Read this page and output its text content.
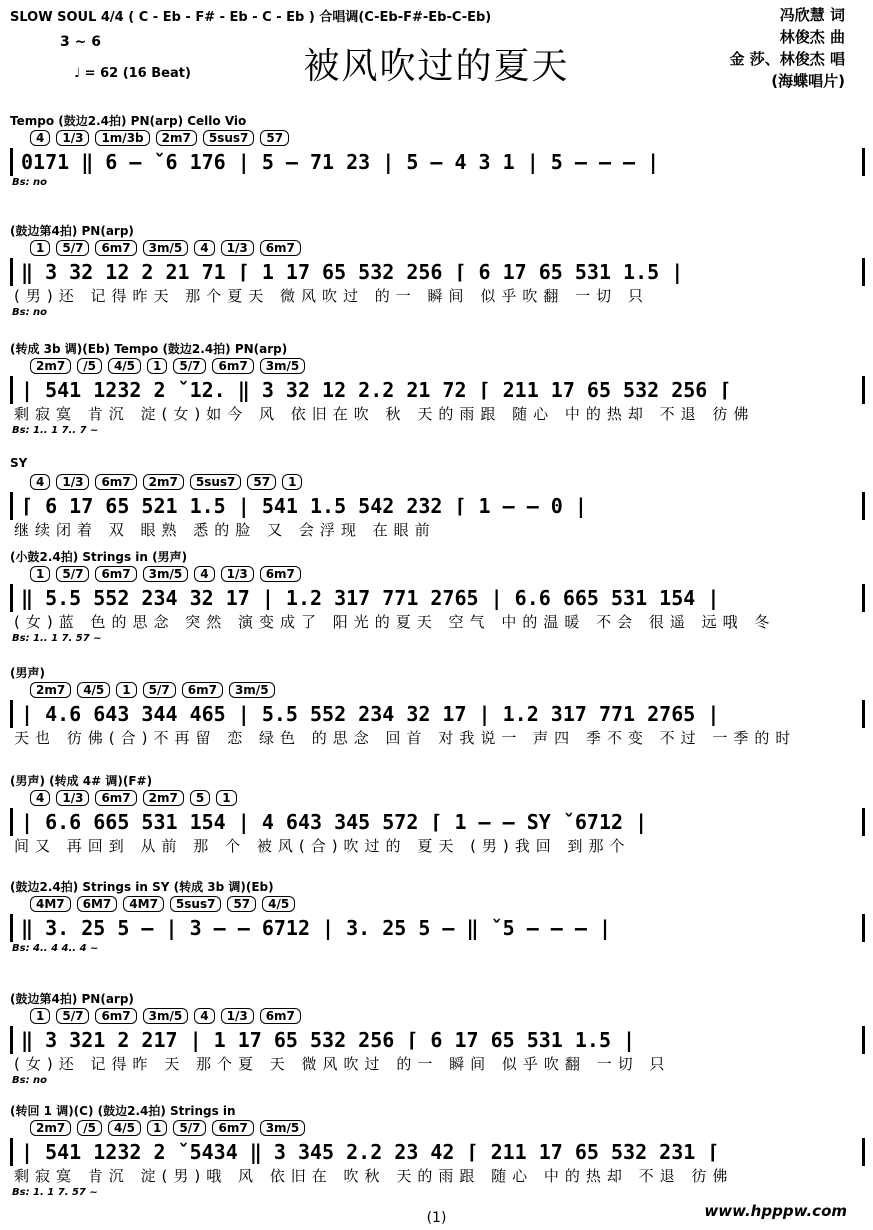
SLOW SOUL 4/4 ( C - Eb - F# - Eb - C - Eb ) 合唱调(C-Eb-F#-Eb-C-Eb)
3 ~ 6
♩ = 62 (16 Beat)	被风吹过的夏天
冯欣慧 词
林俊杰 曲
金 莎、林俊杰 唱
(海蝶唱片)
Tempo (鼓边2.4拍) PN(arp) Cello Vio
4	1/3	1m/3b	2m7	5sus7	57
0171 ‖ 6 – ˇ6 176 | 5 – 71 23 | 5 – 4 3 1 | 5 – – – |
Bs: no
(鼓边第4拍) PN(arp)
1	5/7	6m7	3m/5	4	1/3	6m7
‖ 3 32 12 2 21 71 ⌈ 1 17 65 532 256 ⌈ 6 17 65 531 1.5 |
(男)还 记得昨天 那个夏天 微风吹过 的一 瞬间 似乎吹翻 一切 只
Bs: no
(转成 3b 调)(Eb) Tempo (鼓边2.4拍) PN(arp)
2m7	/5	4/5	1	5/7	6m7	3m/5
| 541 1232 2 ˇ12. ‖ 3 32 12 2.2 21 72 ⌈ 211 17 65 532 256 ⌈
剩寂寞 肯沉 淀(女)如今 风 依旧在吹 秋 天的雨跟 随心 中的热却 不退 彷佛
Bs: 1.. 1 7.. 7 ~
SY
4	1/3	6m7	2m7	5sus7	57	1
⌈ 6 17 65 521 1.5 | 541 1.5 542 232 ⌈ 1 – – 0 |
继续闭着 双 眼熟 悉的脸 又 会浮现 在眼前
(小鼓2.4拍) Strings in (男声)
1	5/7	6m7	3m/5	4	1/3	6m7
‖ 5.5 552 234 32 17 | 1.2 317 771 2765 | 6.6 665 531 154 |
(女)蓝 色的思念 突然 演变成了 阳光的夏天 空气 中的温暖 不会 很遥 远哦 冬
Bs: 1.. 1 7. 57 ~
(男声)
2m7	4/5	1	5/7	6m7	3m/5
| 4.6 643 344 465 | 5.5 552 234 32 17 | 1.2 317 771 2765 |
天也 彷佛(合)不再留 恋 绿色 的思念 回首 对我说一 声四 季不变 不过 一季的时
(男声) (转成 4# 调)(F#)
4	1/3	6m7	2m7	5	1
| 6.6 665 531 154 | 4 643 345 572 ⌈ 1 – – SY ˇ6712 |
间又 再回到 从前 那 个 被风(合)吹过的 夏天 (男)我回 到那个
(鼓边2.4拍) Strings in SY (转成 3b 调)(Eb)
4M7	6M7	4M7	5sus7	57	4/5
‖ 3. 25 5 – | 3 – – 6712 | 3. 25 5 – ‖ ˇ5 – – – |
Bs: 4.. 4 4.. 4 ~
(鼓边第4拍) PN(arp)
1	5/7	6m7	3m/5	4	1/3	6m7
‖ 3 321 2 217 | 1 17 65 532 256 ⌈ 6 17 65 531 1.5 |
(女)还 记得昨 天 那个夏 天 微风吹过 的一 瞬间 似乎吹翻 一切 只
Bs: no
(转回 1 调)(C) (鼓边2.4拍) Strings in
2m7	/5	4/5	1	5/7	6m7	3m/5
| 541 1232 2 ˇ5434 ‖ 3 345 2.2 23 42 ⌈ 211 17 65 532 231 ⌈
剩寂寞 肯沉 淀(男)哦 风 依旧在 吹秋 天的雨跟 随心 中的热却 不退 彷佛
Bs: 1. 1 7. 57 ~
(1)	www.hpppw.com
